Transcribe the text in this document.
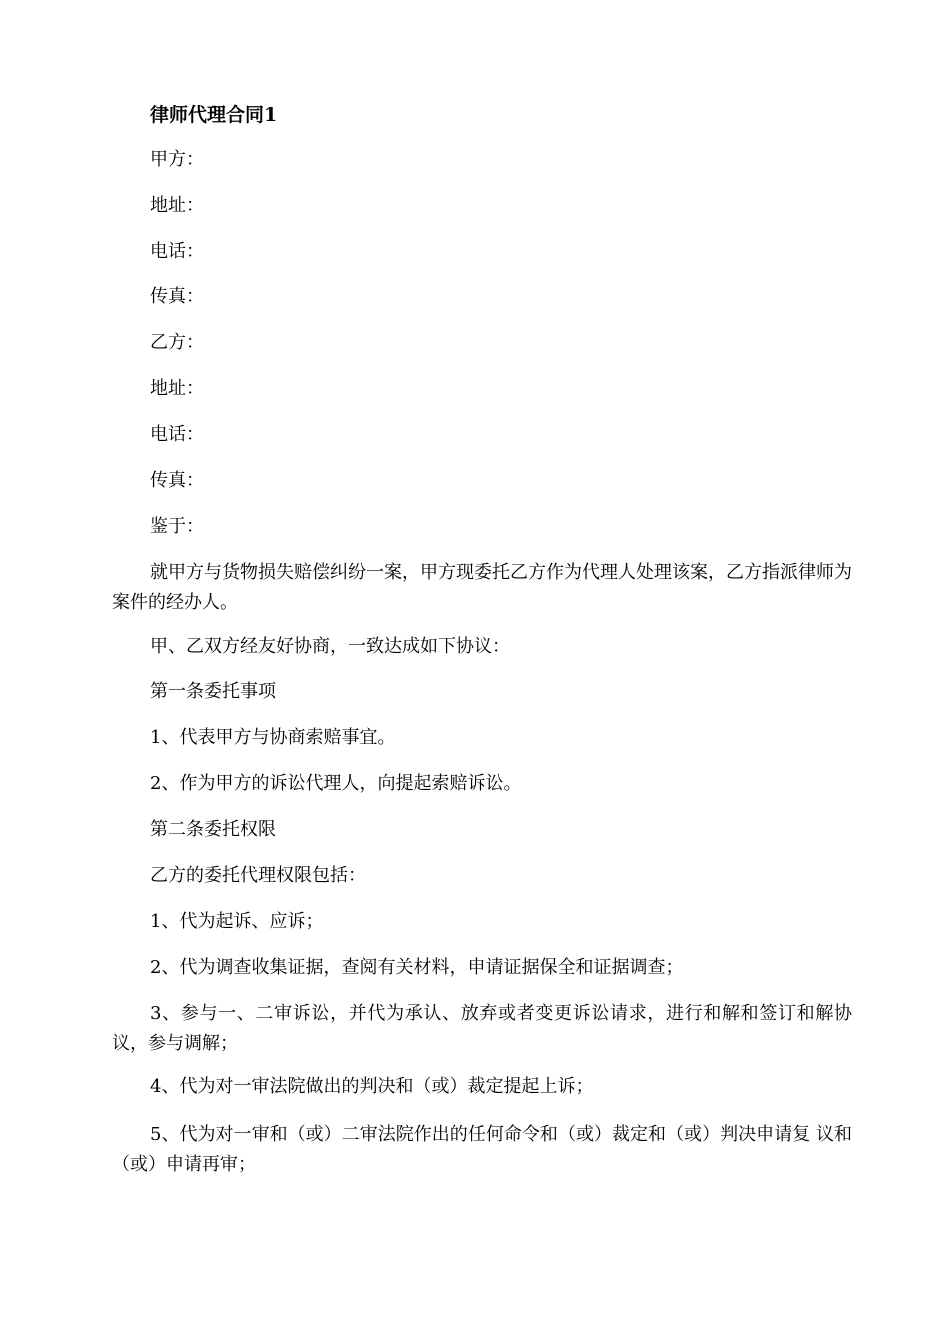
律师代理合同1
甲方：
地址：
电话：
传真：
乙方：
地址：
电话：
传真：
鉴于：
就甲方与货物损失赔偿纠纷一案，甲方现委托乙方作为代理人处理该案，乙方指派律师为案件的经办人。
甲、乙双方经友好协商，一致达成如下协议：
第一条委托事项
1、代表甲方与协商索赔事宜。
2、作为甲方的诉讼代理人，向提起索赔诉讼。
第二条委托权限
乙方的委托代理权限包括：
1、代为起诉、应诉；
2、代为调查收集证据，查阅有关材料，申请证据保全和证据调查；
3、参与一、二审诉讼，并代为承认、放弃或者变更诉讼请求，进行和解和签订和解协议，参与调解；
4、代为对一审法院做出的判决和（或）裁定提起上诉；
5、代为对一审和（或）二审法院作出的任何命令和（或）裁定和（或）判决申请复 议和（或）申请再审；
